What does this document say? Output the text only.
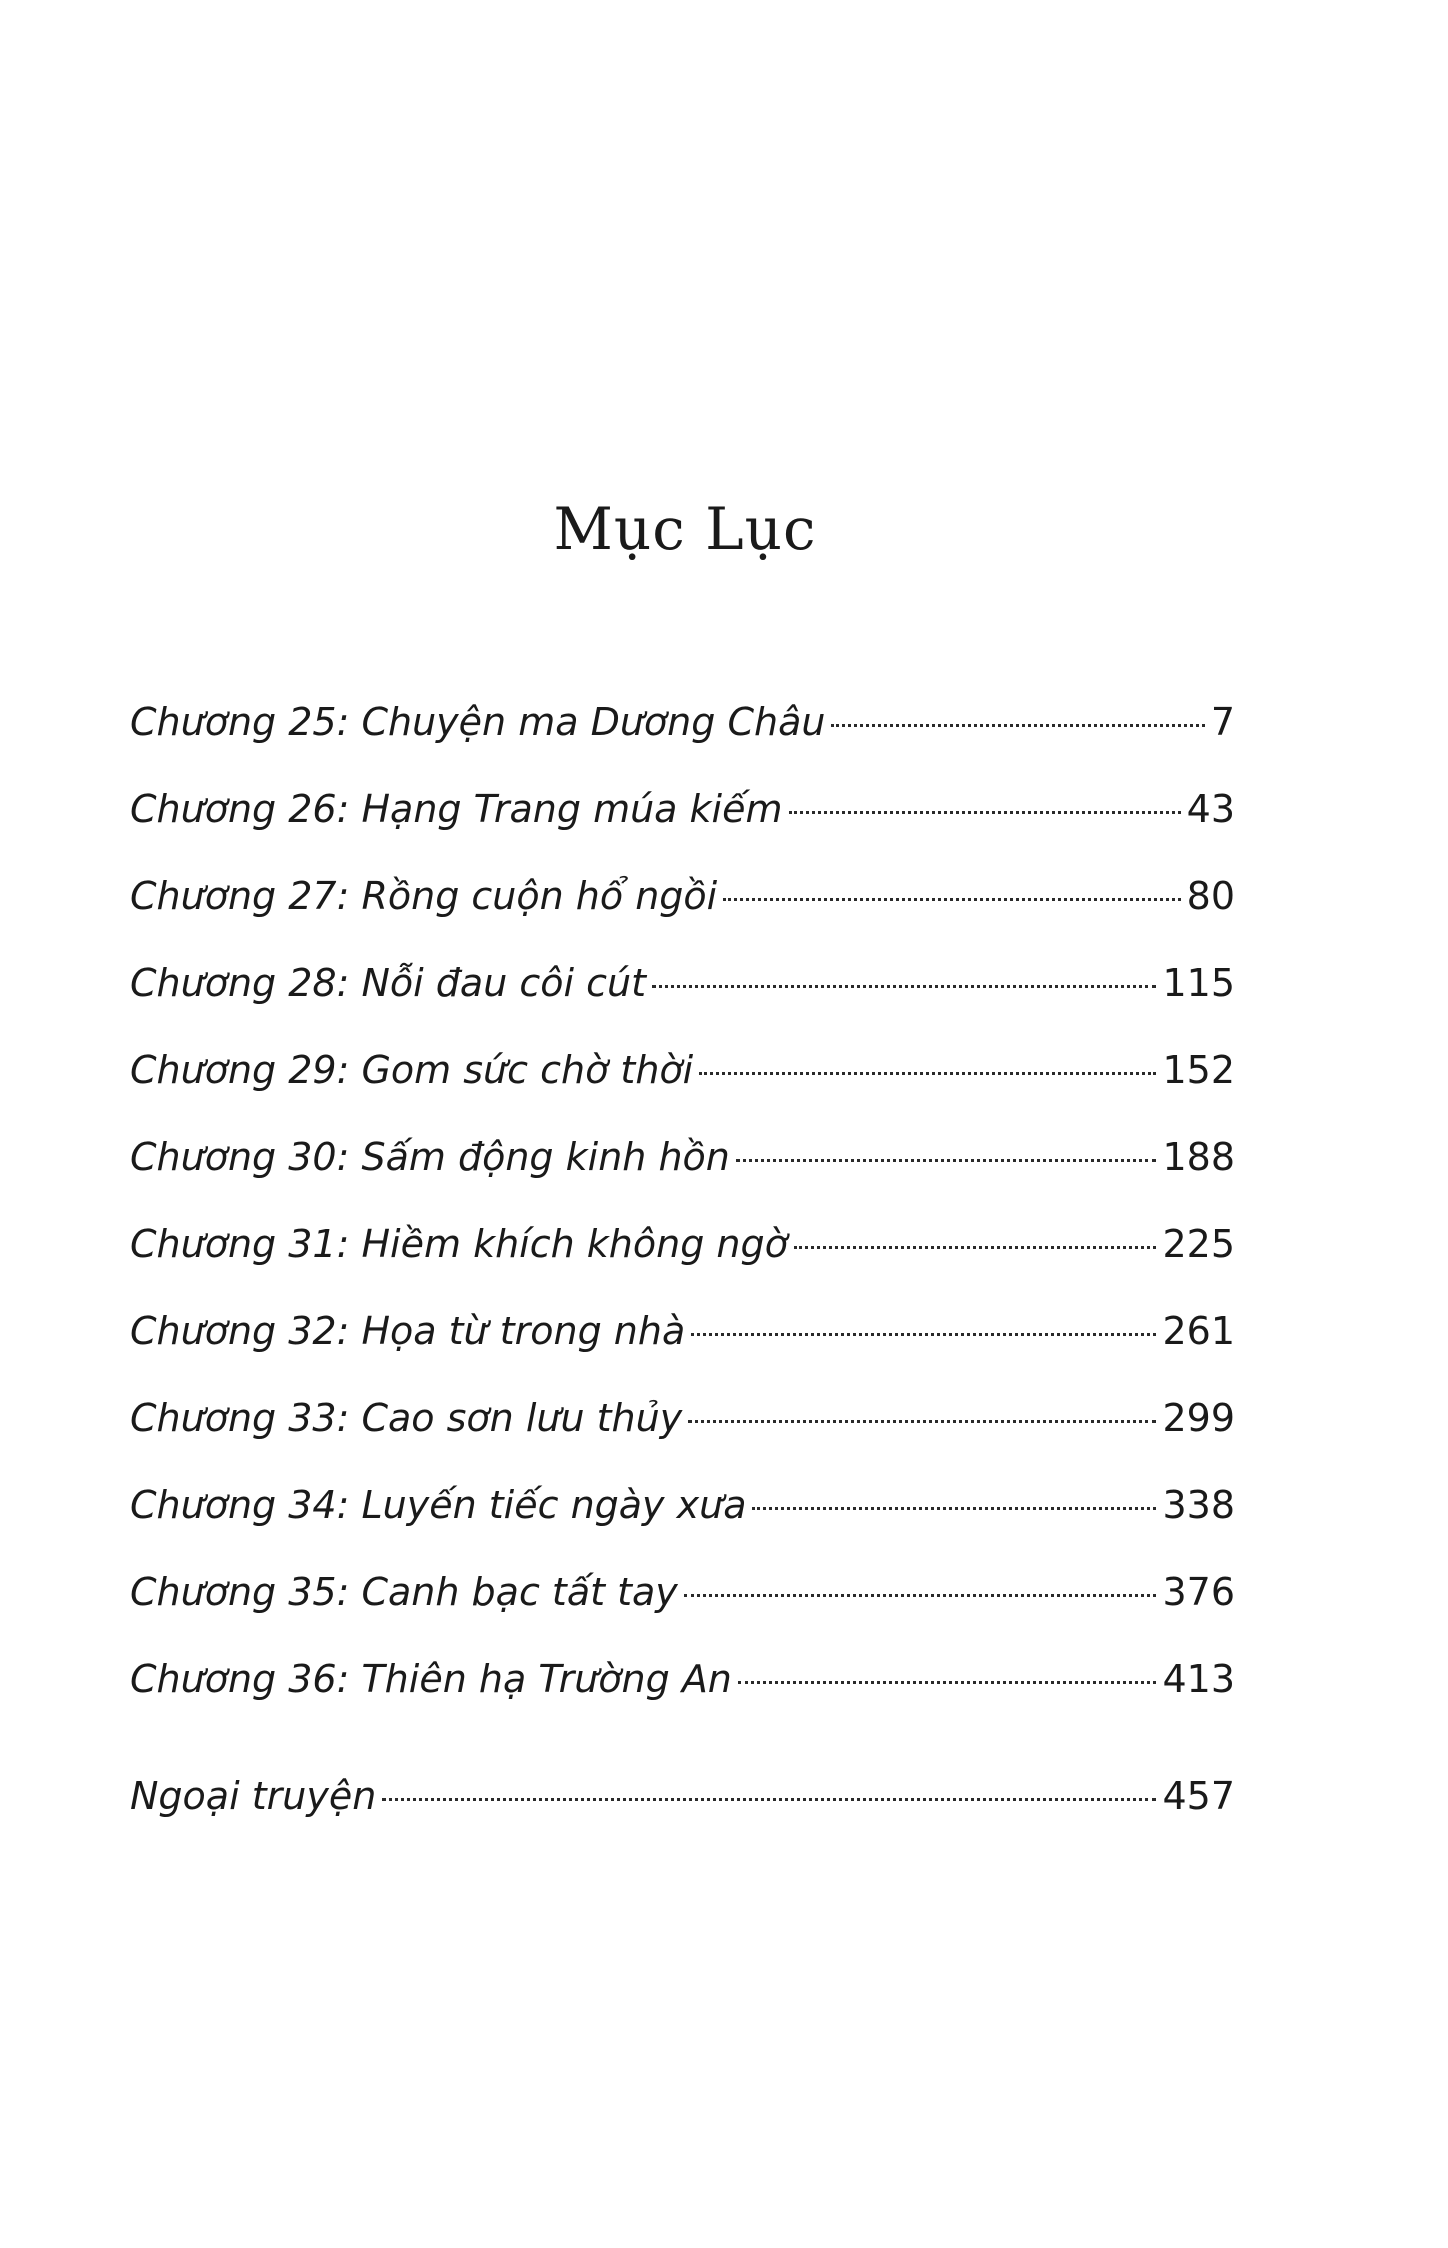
Mục Lục
Chương 25: Chuyện ma Dương Châu	7
Chương 26: Hạng Trang múa kiếm	43
Chương 27: Rồng cuộn hổ ngồi	80
Chương 28: Nỗi đau côi cút	115
Chương 29: Gom sức chờ thời	152
Chương 30: Sấm động kinh hồn	188
Chương 31: Hiềm khích không ngờ	225
Chương 32: Họa từ trong nhà	261
Chương 33: Cao sơn lưu thủy	299
Chương 34: Luyến tiếc ngày xưa	338
Chương 35: Canh bạc tất tay	376
Chương 36: Thiên hạ Trường An	413
Ngoại truyện	457
